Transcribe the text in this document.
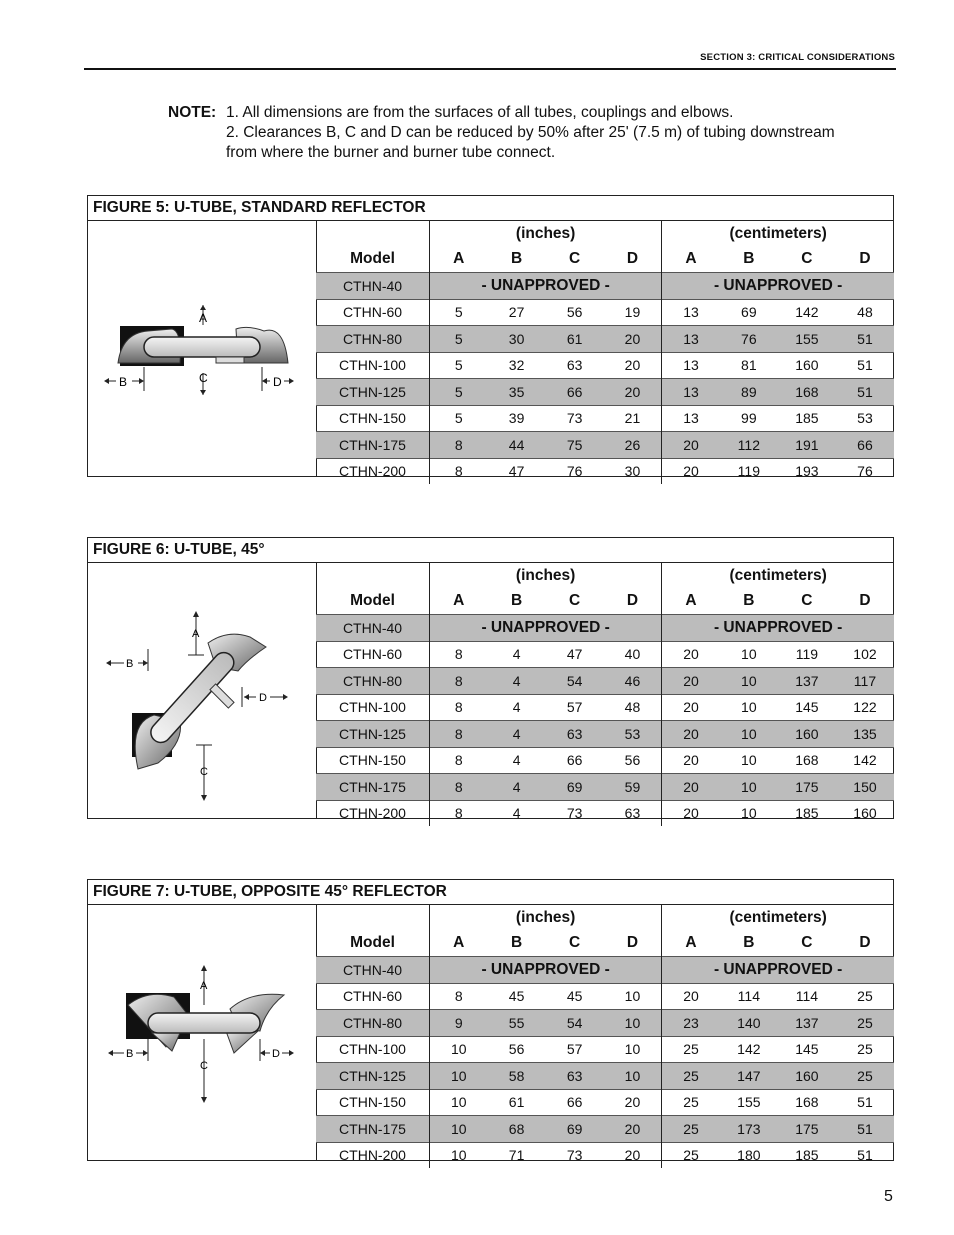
SECTION 3: CRITICAL CONSIDERATIONS
NOTE: 1. All dimensions are from the surfaces of all tubes, couplings and elbows.
2. Clearances B, C and D can be reduced by 50% after 25' (7.5 m) of tubing downstream
from where the burner and burner tube connect.
FIGURE 5: U-TUBE, STANDARD REFLECTOR
A
C
B	D
	(inches)				(centimeters)			
Model	A	B	C	D	A	B	C	D
CTHN-40	- UNAPPROVED -				- UNAPPROVED -			
CTHN-60	5	27	56	19	13	69	142	48
CTHN-80	5	30	61	20	13	76	155	51
CTHN-100	5	32	63	20	13	81	160	51
CTHN-125	5	35	66	20	13	89	168	51
CTHN-150	5	39	73	21	13	99	185	53
CTHN-175	8	44	75	26	20	112	191	66
CTHN-200	8	47	76	30	20	119	193	76
FIGURE 6: U-TUBE, 45°
A
C
B
D
	(inches)				(centimeters)			
Model	A	B	C	D	A	B	C	D
CTHN-40	- UNAPPROVED -				- UNAPPROVED -			
CTHN-60	8	4	47	40	20	10	119	102
CTHN-80	8	4	54	46	20	10	137	117
CTHN-100	8	4	57	48	20	10	145	122
CTHN-125	8	4	63	53	20	10	160	135
CTHN-150	8	4	66	56	20	10	168	142
CTHN-175	8	4	69	59	20	10	175	150
CTHN-200	8	4	73	63	20	10	185	160
FIGURE 7: U-TUBE, OPPOSITE 45° REFLECTOR
A
C
B	D
	(inches)				(centimeters)			
Model	A	B	C	D	A	B	C	D
CTHN-40	- UNAPPROVED -				- UNAPPROVED -			
CTHN-60	8	45	45	10	20	114	114	25
CTHN-80	9	55	54	10	23	140	137	25
CTHN-100	10	56	57	10	25	142	145	25
CTHN-125	10	58	63	10	25	147	160	25
CTHN-150	10	61	66	20	25	155	168	51
CTHN-175	10	68	69	20	25	173	175	51
CTHN-200	10	71	73	20	25	180	185	51
5
